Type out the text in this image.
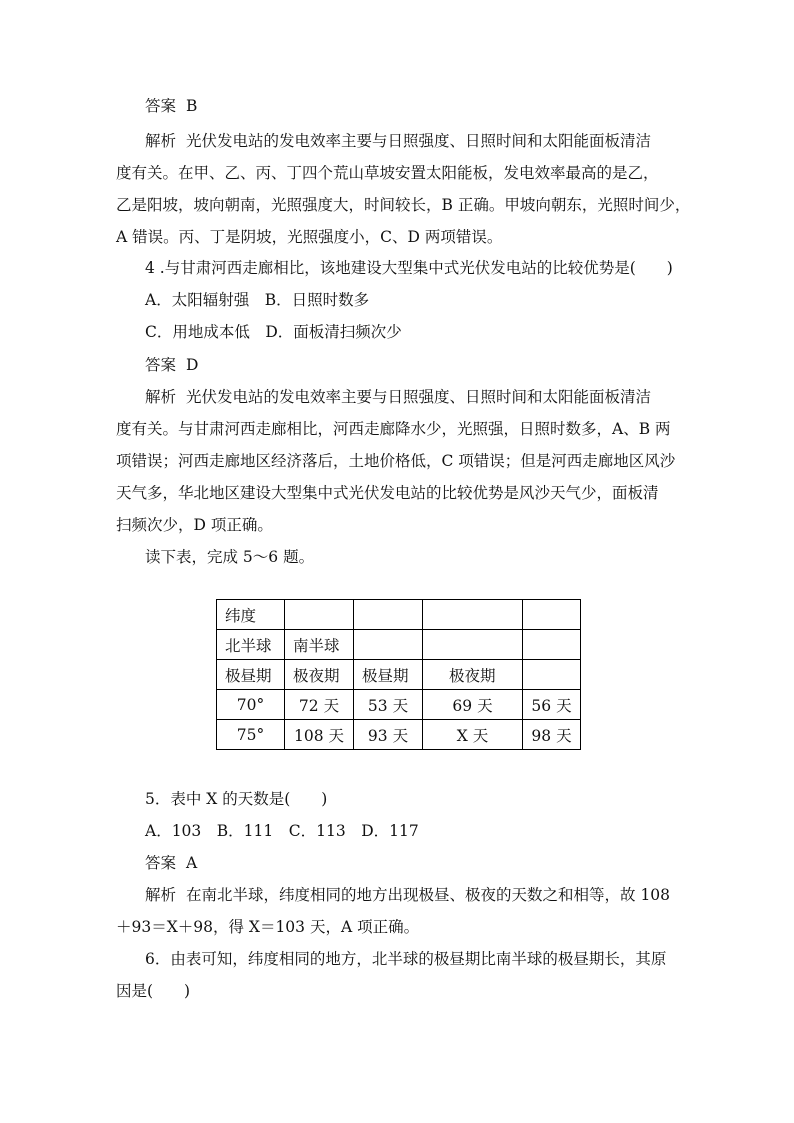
答案 B
解析 光伏发电站的发电效率主要与日照强度、日照时间和太阳能面板清洁
度有关。在甲、乙、丙、丁四个荒山草坡安置太阳能板，发电效率最高的是乙，
乙是阳坡，坡向朝南，光照强度大，时间较长，B 正确。甲坡向朝东，光照时间少，
A 错误。丙、丁是阴坡，光照强度小，C、D 两项错误。
4 .与甘肃河西走廊相比，该地建设大型集中式光伏发电站的比较优势是(　　)
A．太阳辐射强　B．日照时数多
C．用地成本低　D．面板清扫频次少
答案 D
解析 光伏发电站的发电效率主要与日照强度、日照时间和太阳能面板清洁
度有关。与甘肃河西走廊相比，河西走廊降水少，光照强，日照时数多，A、B 两
项错误；河西走廊地区经济落后，土地价格低，C 项错误；但是河西走廊地区风沙
天气多，华北地区建设大型集中式光伏发电站的比较优势是风沙天气少，面板清
扫频次少，D 项正确。
读下表，完成 5～6 题。
纬度				
北半球	南半球			
极昼期	极夜期	极昼期	极夜期	
70°	72 天	53 天	69 天	56 天
75°	108 天	93 天	X 天	98 天
5．表中 X 的天数是(　　)
A．103　B．111　C．113　D．117
答案 A
解析 在南北半球，纬度相同的地方出现极昼、极夜的天数之和相等，故 108
＋93＝X＋98，得 X＝103 天，A 项正确。
6．由表可知，纬度相同的地方，北半球的极昼期比南半球的极昼期长，其原
因是(　　)
